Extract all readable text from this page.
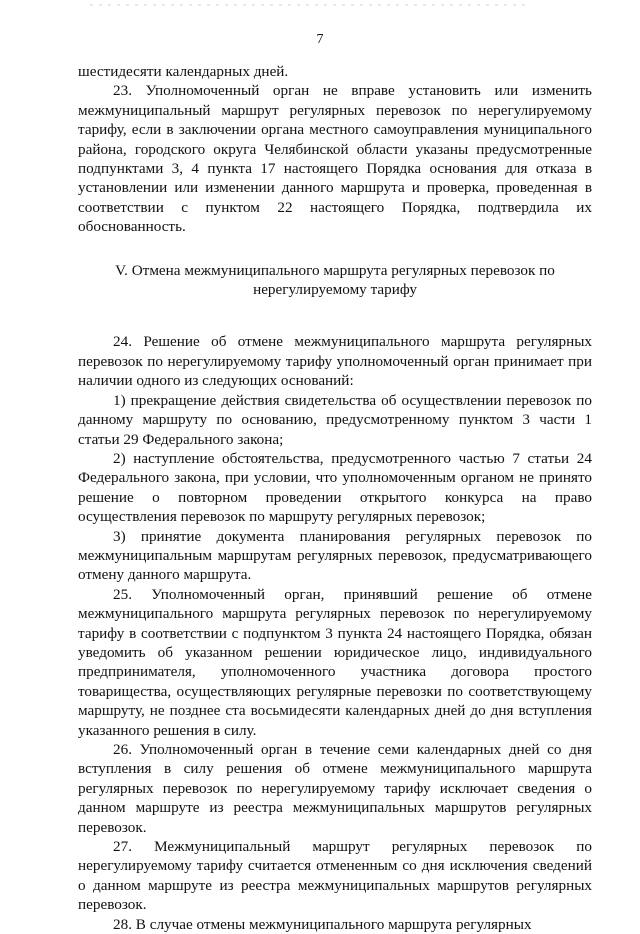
7

шестидесяти календарных дней.

23. Уполномоченный орган не вправе установить или изменить межмуниципальный маршрут регулярных перевозок по нерегулируемому тарифу, если в заключении органа местного самоуправления муниципального района, городского округа Челябинской области указаны предусмотренные подпунктами 3, 4 пункта 17 настоящего Порядка основания для отказа в установлении или изменении данного маршрута и проверка, проведенная в соответствии с пунктом 22 настоящего Порядка, подтвердила их обоснованность.

V. Отмена межмуниципального маршрута регулярных перевозок по нерегулируемому тарифу

24. Решение об отмене межмуниципального маршрута регулярных перевозок по нерегулируемому тарифу уполномоченный орган принимает при наличии одного из следующих оснований:

1) прекращение действия свидетельства об осуществлении перевозок по данному маршруту по основанию, предусмотренному пунктом 3 части 1 статьи 29 Федерального закона;

2) наступление обстоятельства, предусмотренного частью 7 статьи 24 Федерального закона, при условии, что уполномоченным органом не принято решение о повторном проведении открытого конкурса на право осуществления перевозок по маршруту регулярных перевозок;

3) принятие документа планирования регулярных перевозок по межмуниципальным маршрутам регулярных перевозок, предусматривающего отмену данного маршрута.

25. Уполномоченный орган, принявший решение об отмене межмуниципального маршрута регулярных перевозок по нерегулируемому тарифу в соответствии с подпунктом 3 пункта 24 настоящего Порядка, обязан уведомить об указанном решении юридическое лицо, индивидуального предпринимателя, уполномоченного участника договора простого товарищества, осуществляющих регулярные перевозки по соответствующему маршруту, не позднее ста восьмидесяти календарных дней до дня вступления указанного решения в силу.

26. Уполномоченный орган в течение семи календарных дней со дня вступления в силу решения об отмене межмуниципального маршрута регулярных перевозок по нерегулируемому тарифу исключает сведения о данном маршруте из реестра межмуниципальных маршрутов регулярных перевозок.

27. Межмуниципальный маршрут регулярных перевозок по нерегулируемому тарифу считается отмененным со дня исключения сведений о данном маршруте из реестра межмуниципальных маршрутов регулярных перевозок.

28. В случае отмены межмуниципального маршрута регулярных
